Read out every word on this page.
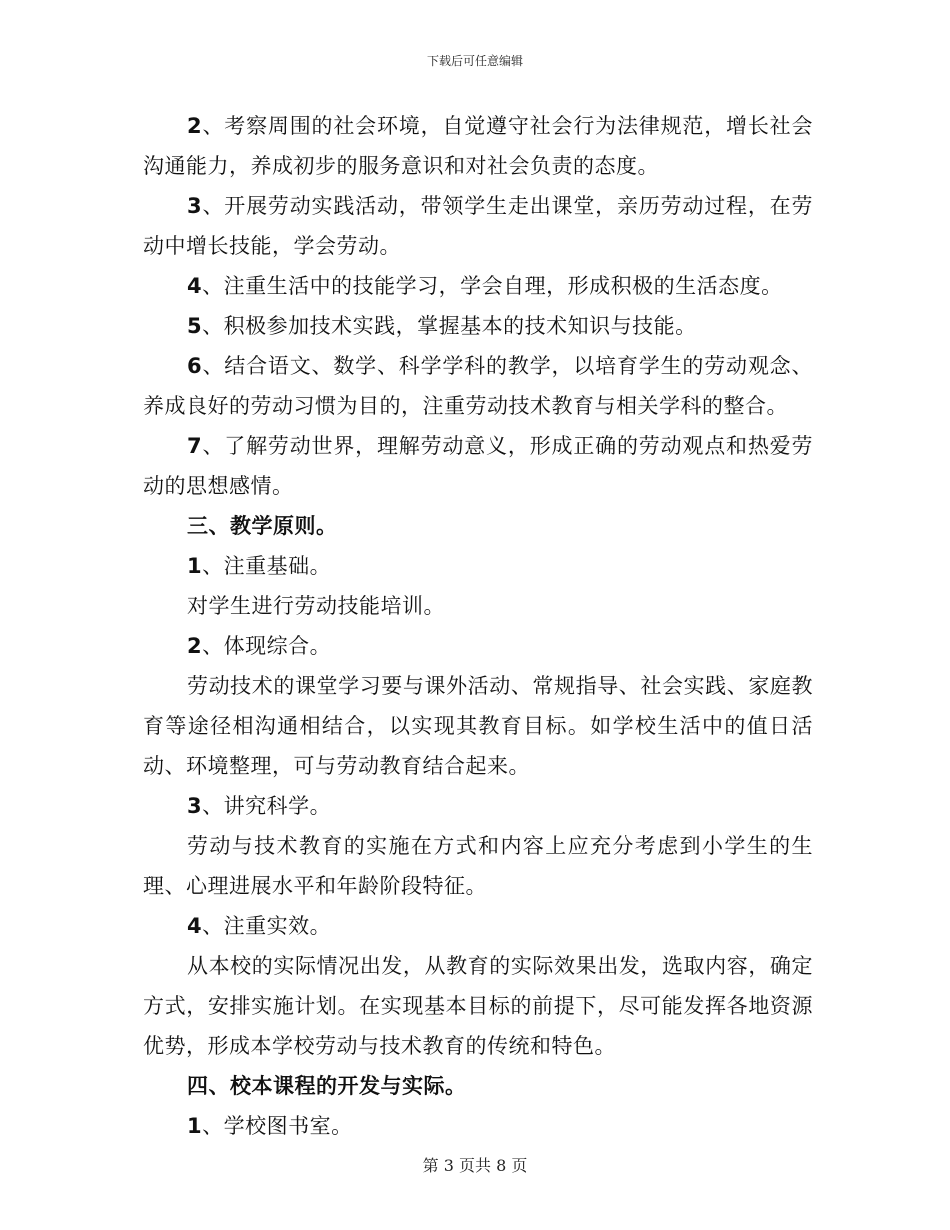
下载后可任意编辑

2、考察周围的社会环境，自觉遵守社会行为法律规范，增长社会沟通能力，养成初步的服务意识和对社会负责的态度。

3、开展劳动实践活动，带领学生走出课堂，亲历劳动过程，在劳动中增长技能，学会劳动。

4、注重生活中的技能学习，学会自理，形成积极的生活态度。

5、积极参加技术实践，掌握基本的技术知识与技能。

6、结合语文、数学、科学学科的教学，以培育学生的劳动观念、养成良好的劳动习惯为目的，注重劳动技术教育与相关学科的整合。

7、了解劳动世界，理解劳动意义，形成正确的劳动观点和热爱劳动的思想感情。

三、教学原则。

1、注重基础。

对学生进行劳动技能培训。

2、体现综合。

劳动技术的课堂学习要与课外活动、常规指导、社会实践、家庭教育等途径相沟通相结合，以实现其教育目标。如学校生活中的值日活动、环境整理，可与劳动教育结合起来。

3、讲究科学。

劳动与技术教育的实施在方式和内容上应充分考虑到小学生的生理、心理进展水平和年龄阶段特征。

4、注重实效。

从本校的实际情况出发，从教育的实际效果出发，选取内容，确定方式，安排实施计划。在实现基本目标的前提下，尽可能发挥各地资源优势，形成本学校劳动与技术教育的传统和特色。

四、校本课程的开发与实际。

1、学校图书室。

第 3 页共 8 页
